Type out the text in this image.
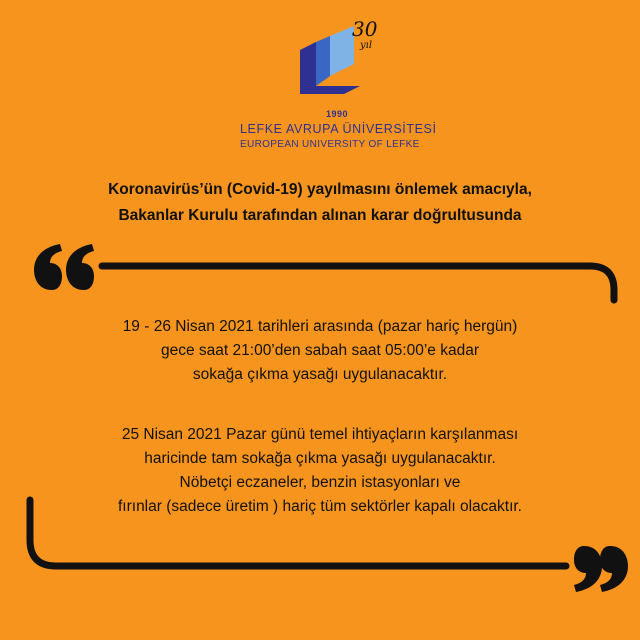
30
yıl
1990
LEFKE AVRUPA ÜNİVERSİTESİ
EUROPEAN UNIVERSITY OF LEFKE
Koronavirüs’ün (Covid-19) yayılmasını önlemek amacıyla,
Bakanlar Kurulu tarafından alınan karar doğrultusunda
19 - 26 Nisan 2021 tarihleri arasında (pazar hariç hergün)
gece saat 21:00’den sabah saat 05:00’e kadar
sokağa çıkma yasağı uygulanacaktır.
25 Nisan 2021 Pazar günü temel ihtiyaçların karşılanması
haricinde tam sokağa çıkma yasağı uygulanacaktır.
Nöbetçi eczaneler, benzin istasyonları ve
fırınlar (sadece üretim ) hariç tüm sektörler kapalı olacaktır.
